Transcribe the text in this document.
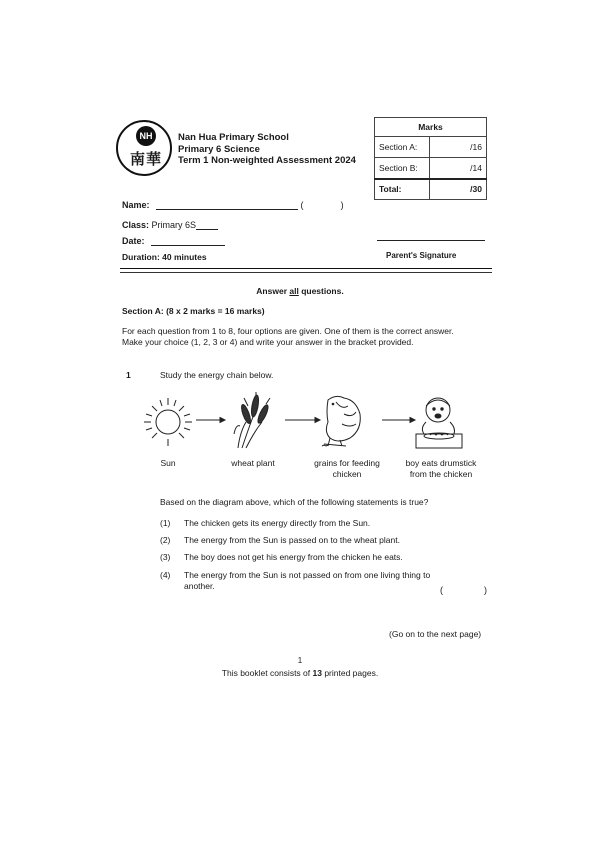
NH
南華
Nan Hua Primary School
Primary 6 Science
Term 1 Non-weighted Assessment 2024
Marks	
Section A:	/16
Section B:	/14
Total:	/30
Name:	(	)
Class: Primary 6S
Date:
Duration: 40 minutes	Parent's Signature
Answer all questions.
Section A: (8 x 2 marks = 16 marks)
For each question from 1 to 8, four options are given. One of them is the correct answer.
Make your choice (1, 2, 3 or 4) and write your answer in the bracket provided.
1	Study the energy chain below.
Sun	wheat plant	grains for feeding
chicken
boy eats drumstick
from the chicken
Based on the diagram above, which of the following statements is true?
(1)	The chicken gets its energy directly from the Sun.
(2)	The energy from the Sun is passed on to the wheat plant.
(3)	The boy does not get his energy from the chicken he eats.
(4)	The energy from the Sun is not passed on from one living thing to another.	(	)
(Go on to the next page)
1
This booklet consists of 13 printed pages.
